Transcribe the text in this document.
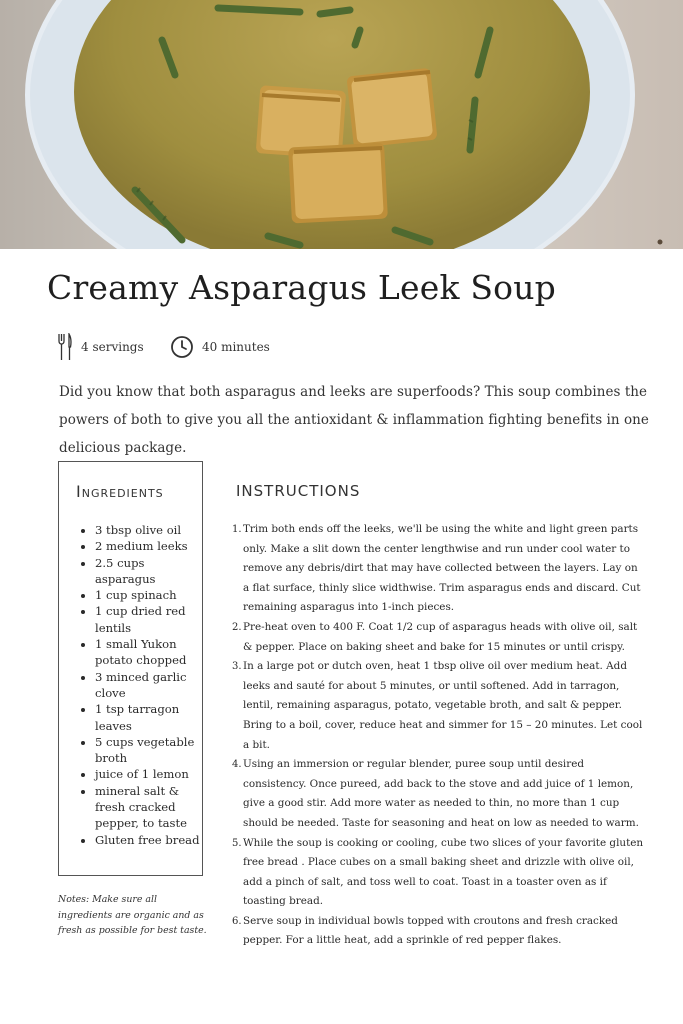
Creamy Asparagus Leek Soup
4 servings	40 minutes
Did you know that both asparagus and leeks are superfoods? This soup combines the powers of both to give you all the antioxidant & inflammation fighting benefits in one delicious package.
Ingredients
• 3 tbsp olive oil
• 2 medium leeks
• 2.5 cups asparagus
• 1 cup spinach
• 1 cup dried red lentils
• 1 small Yukon potato chopped
• 3 minced garlic clove
• 1 tsp tarragon leaves
• 5 cups vegetable broth
• juice of 1 lemon
• mineral salt & fresh cracked pepper, to taste
• Gluten free bread
Notes: Make sure all ingredients are organic and as fresh as possible for best taste.
INSTRUCTIONS
Trim both ends off the leeks, we'll be using the white and light green parts only. Make a slit down the center lengthwise and run under cool water to remove any debris/dirt that may have collected between the layers. Lay on a flat surface, thinly slice widthwise. Trim asparagus ends and discard. Cut remaining asparagus into 1-inch pieces.
Pre-heat oven to 400 F. Coat 1/2 cup of asparagus heads with olive oil, salt & pepper. Place on baking sheet and bake for 15 minutes or until crispy.
In a large pot or dutch oven, heat 1 tbsp olive oil over medium heat. Add leeks and sauté for about 5 minutes, or until softened. Add in tarragon, lentil, remaining asparagus, potato, vegetable broth, and salt & pepper. Bring to a boil, cover, reduce heat and simmer for 15 – 20 minutes. Let cool a bit.
Using an immersion or regular blender, puree soup until desired consistency. Once pureed, add back to the stove and add juice of 1 lemon, give a good stir. Add more water as needed to thin, no more than 1 cup should be needed. Taste for seasoning and heat on low as needed to warm.
While the soup is cooking or cooling, cube two slices of your favorite gluten free bread . Place cubes on a small baking sheet and drizzle with olive oil, add a pinch of salt, and toss well to coat. Toast in a toaster oven as if toasting bread.
Serve soup in individual bowls topped with croutons and fresh cracked pepper. For a little heat, add a sprinkle of red pepper flakes.
